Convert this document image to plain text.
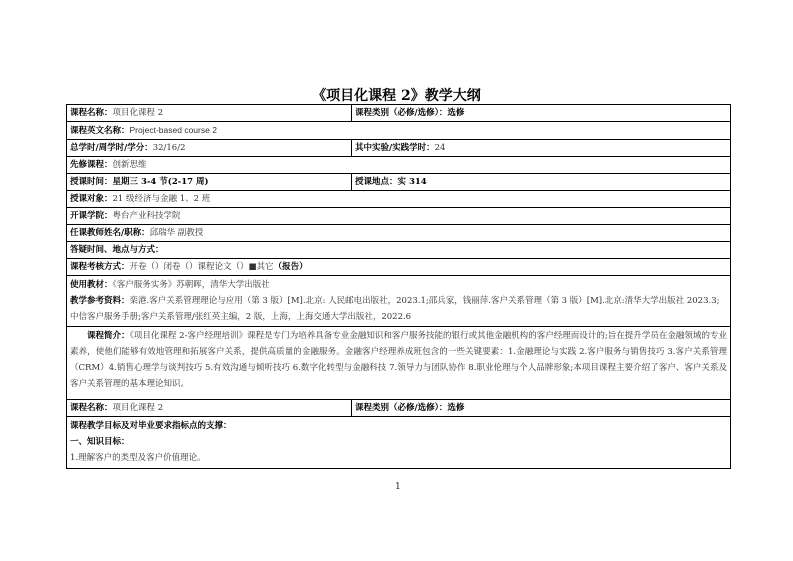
《项目化课程 2》教学大纲
课程名称：项目化课程 2	课程类别（必修/选修）：选修
课程英文名称：Project-based course 2
总学时/周学时/学分：32/16/2	其中实验/实践学时：24
先修课程：创新思维
授课时间：星期三 3-4 节(2-17 周)	授课地点：实 314
授课对象：21 级经济与金融 1、2 班
开课学院：粤台产业科技学院
任课教师姓名/职称：邱瑞华 副教授
答疑时间、地点与方式：
课程考核方式：开卷（）闭卷（）课程论文（）■其它（报告）
使用教材：《客户服务实务》苏朝晖，清华大学出版社
教学参考资料：栾港.客户关系管理理论与应用（第 3 版）[M].北京: 人民邮电出版社，2023.1;邵兵家，钱丽萍.客户关系管理（第 3 版）[M].北京:清华大学出版社 2023.3;中信客户服务手册;客户关系管理/张红英主编，2 版，上海，上海交通大学出版社，2022.6
课程简介：《项目化课程 2-客户经理培训》课程是专门为培养具备专业金融知识和客户服务技能的银行或其他金融机构的客户经理而设计的;旨在提升学员在金融领域的专业素养，使他们能够有效地管理和拓展客户关系，提供高质量的金融服务。金融客户经理养成班包含的一些关键要素：1.金融理论与实践 2.客户服务与销售技巧 3.客户关系管理（CRM）4.销售心理学与谈判技巧 5.有效沟通与倾听技巧 6.数字化转型与金融科技 7.领导力与团队协作 8.职业伦理与个人品牌形象;本项目课程主要介绍了客户、客户关系及客户关系管理的基本理论知识。
课程名称：项目化课程 2	课程类别（必修/选修）：选修
课程教学目标及对毕业要求指标点的支撑：
一、知识目标：
1.理解客户的类型及客户价值理论。
1
